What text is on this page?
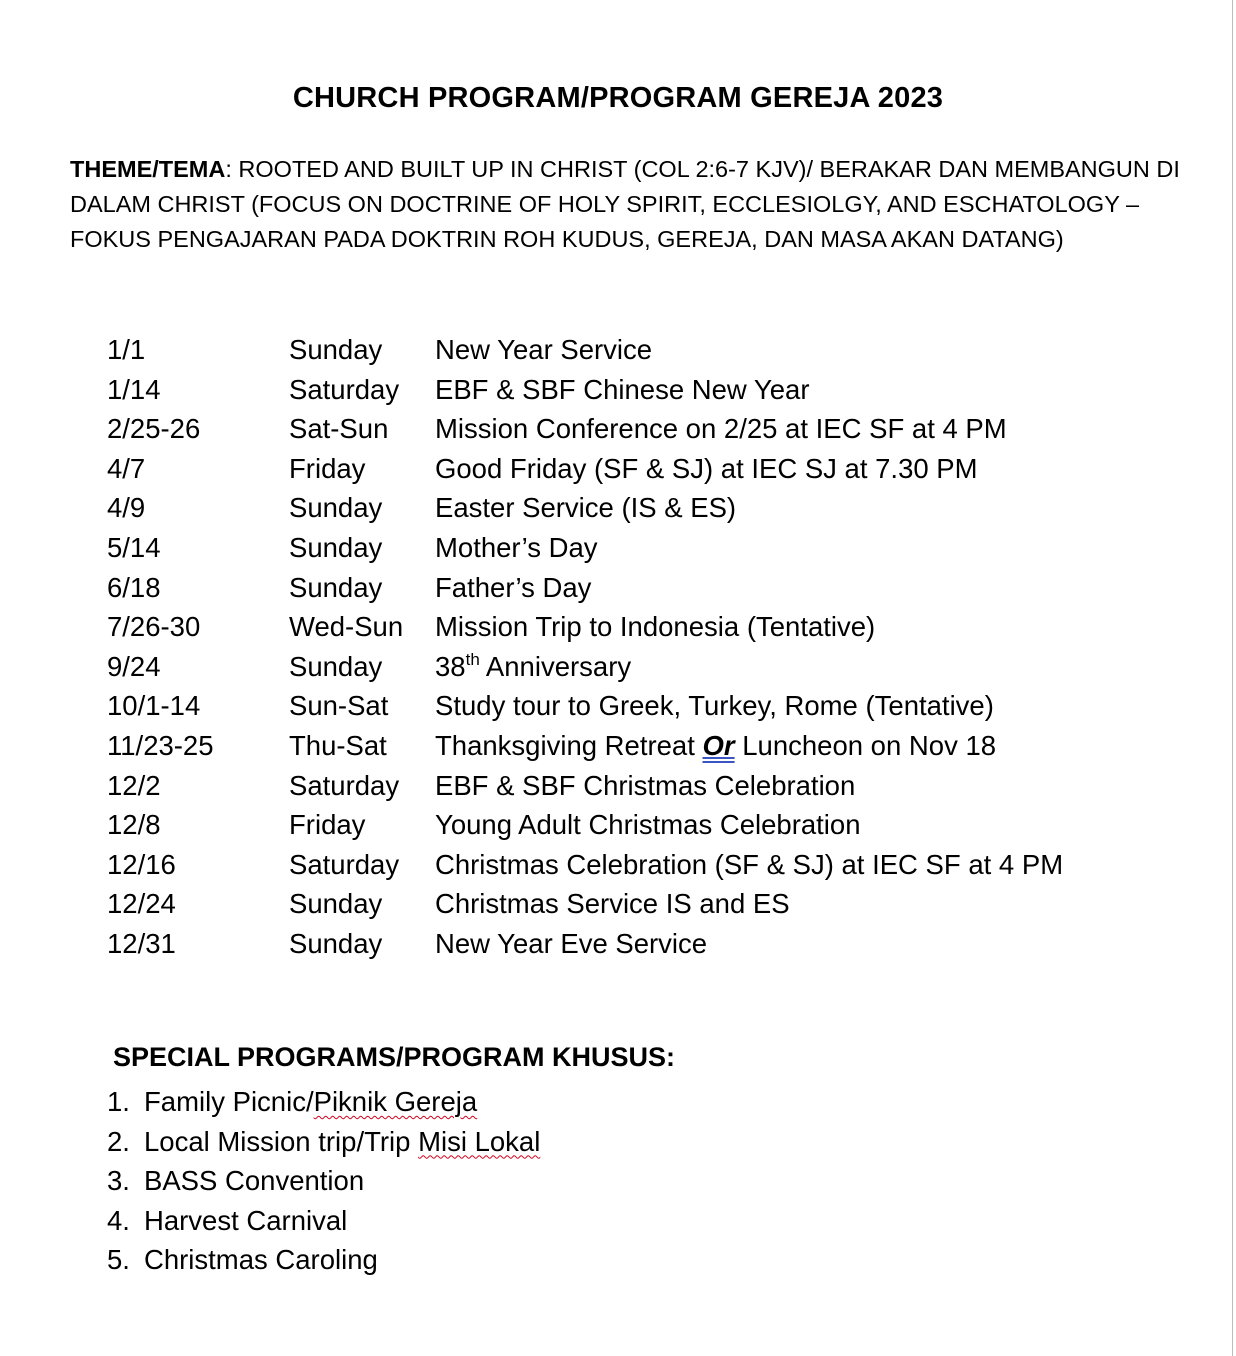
CHURCH PROGRAM/PROGRAM GEREJA 2023
THEME/TEMA: ROOTED AND BUILT UP IN CHRIST (COL 2:6-7 KJV)/ BERAKAR DAN MEMBANGUN DI DALAM CHRIST (FOCUS ON DOCTRINE OF HOLY SPIRIT, ECCLESIOLGY, AND ESCHATOLOGY – FOKUS PENGAJARAN PADA DOKTRIN ROH KUDUS, GEREJA, DAN MASA AKAN DATANG)
1/1	Sunday New Year Service
1/14	Saturday EBF & SBF Chinese New Year
2/25-26	Sat-Sun Mission Conference on 2/25 at IEC SF at 4 PM
4/7	Friday	Good Friday (SF & SJ) at IEC SJ at 7.30 PM
4/9	Sunday Easter Service (IS & ES)
5/14	Sunday Mother’s Day
6/18	Sunday Father’s Day
7/26-30	Wed-Sun Mission Trip to Indonesia (Tentative)
9/24	Sunday 38th Anniversary
10/1-14	Sun-Sat Study tour to Greek, Turkey, Rome (Tentative)
11/23-25	Thu-Sat Thanksgiving Retreat Or Luncheon on Nov 18
12/2	Saturday EBF & SBF Christmas Celebration
12/8	Friday	Young Adult Christmas Celebration
12/16	Saturday Christmas Celebration (SF & SJ) at IEC SF at 4 PM
12/24	Sunday Christmas Service IS and ES
12/31	Sunday New Year Eve Service
SPECIAL PROGRAMS/PROGRAM KHUSUS:
1. Family Picnic/Piknik Gereja
2. Local Mission trip/Trip Misi Lokal
3. BASS Convention
4. Harvest Carnival
5. Christmas Caroling
